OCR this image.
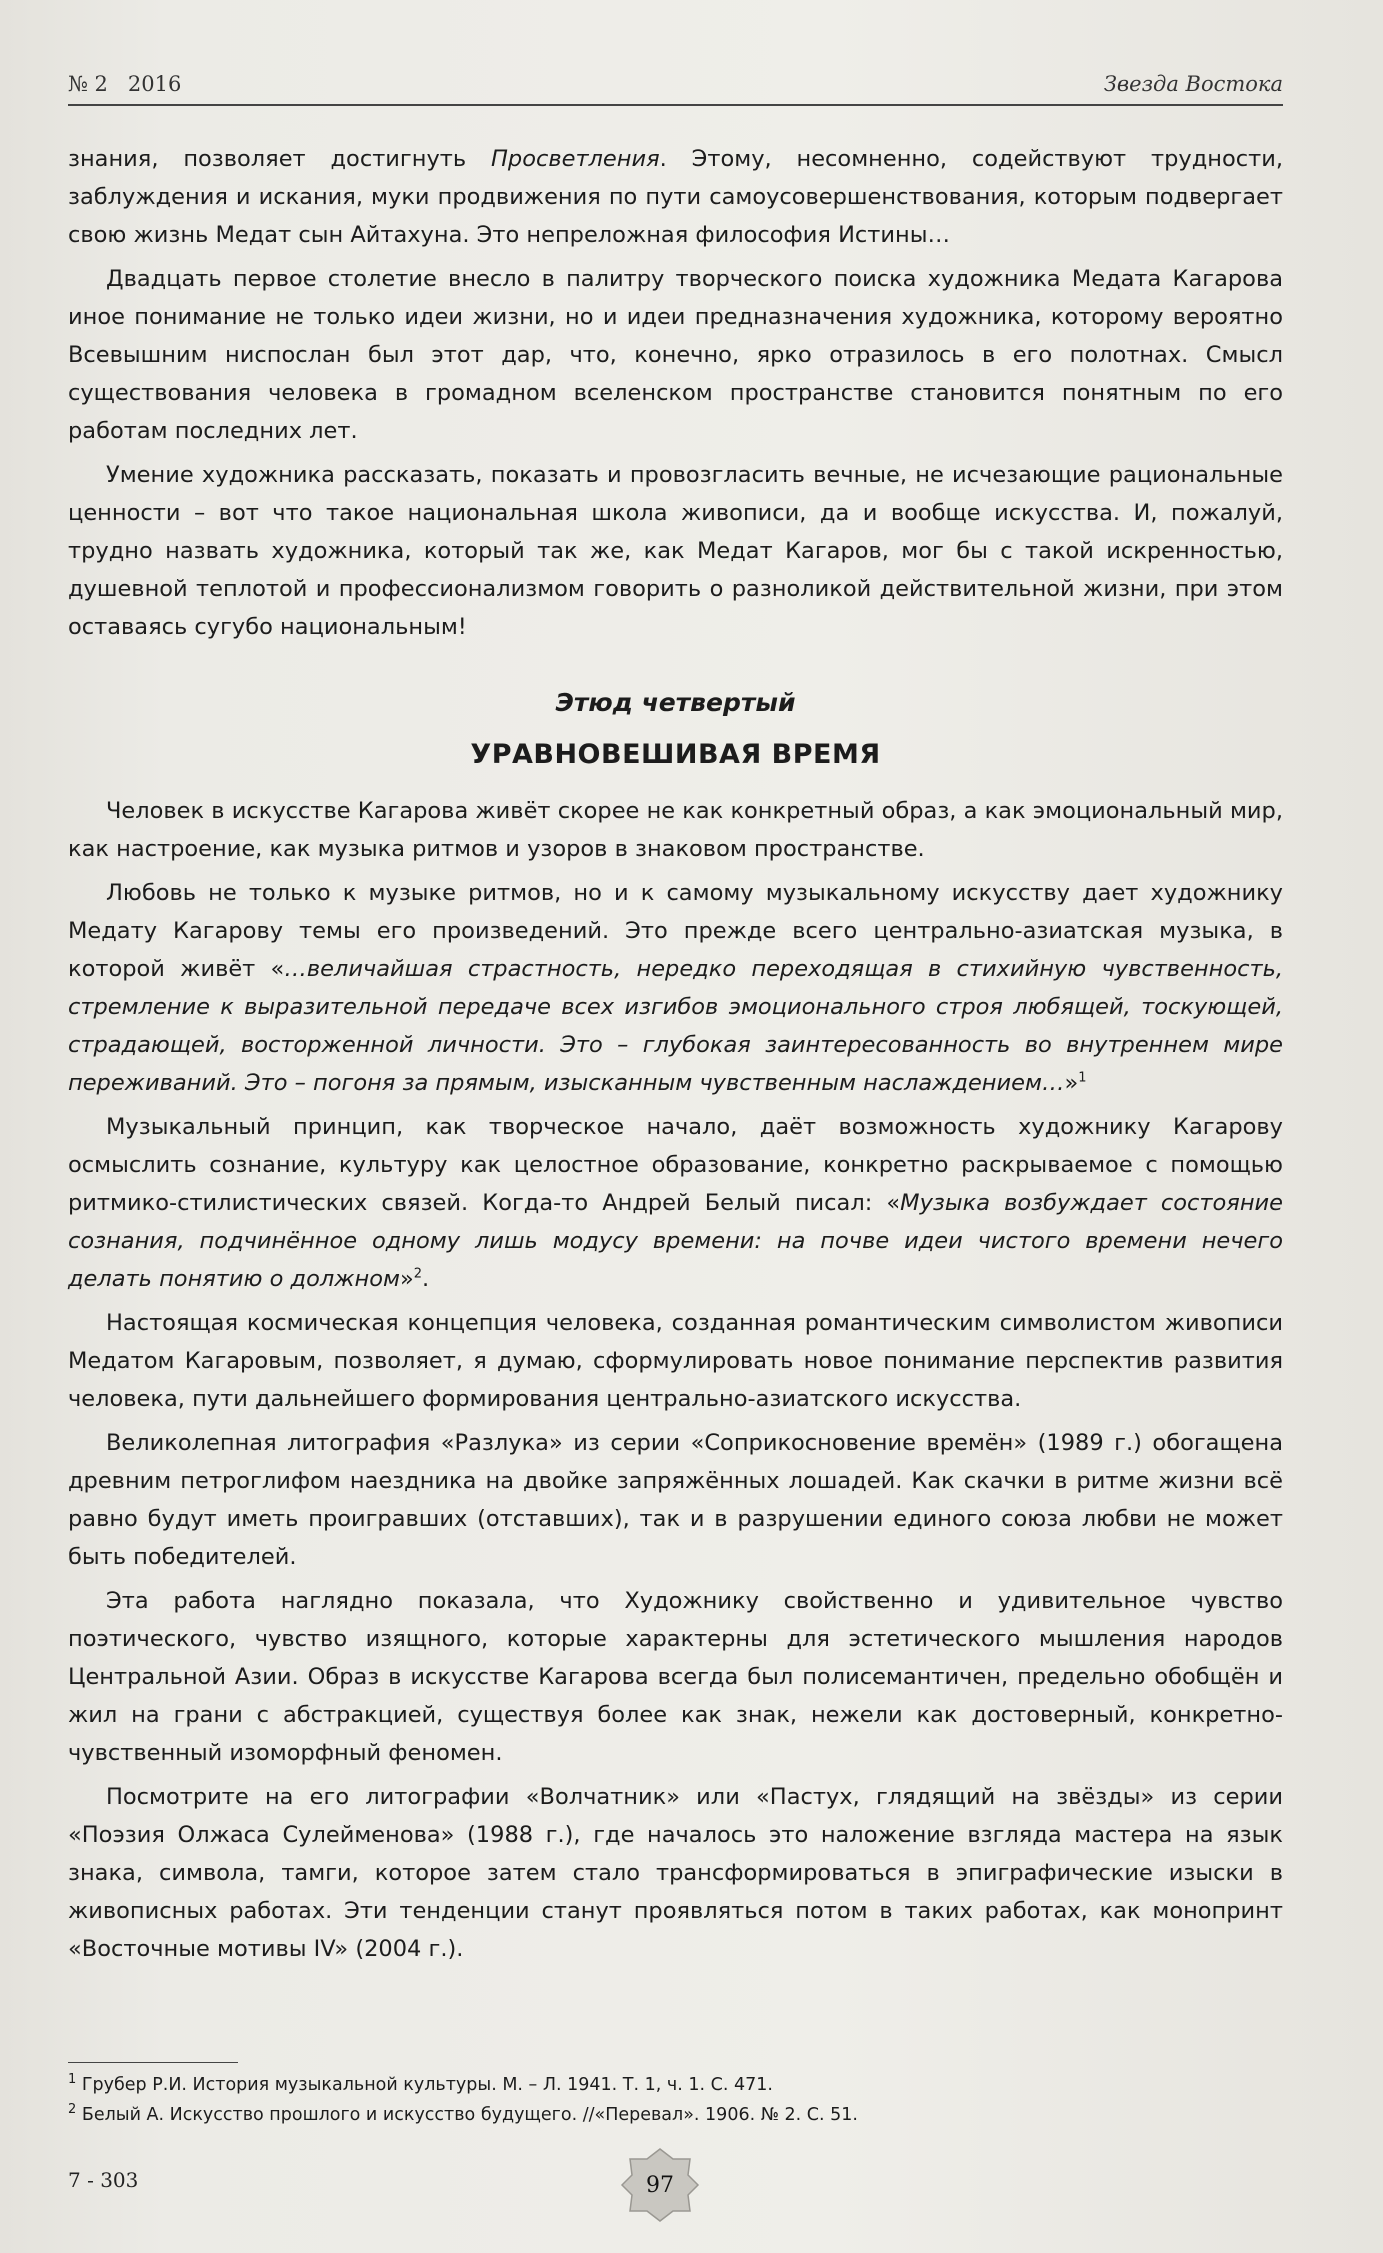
№ 2   2016	Звезда Востока

знания, позволяет достигнуть Просветления. Этому, несомненно, содействуют трудности, заблуждения и искания, муки продвижения по пути самоусовершенствования, которым подвергает свою жизнь Медат сын Айтахуна. Это непреложная философия Истины…

Двадцать первое столетие внесло в палитру творческого поиска художника Медата Кагарова иное понимание не только идеи жизни, но и идеи предназначения художника, которому вероятно Всевышним ниспослан был этот дар, что, конечно, ярко отразилось в его полотнах. Смысл существования человека в громадном вселенском пространстве становится понятным по его работам последних лет.

Умение художника рассказать, показать и провозгласить вечные, не исчезающие рациональные ценности – вот что такое национальная школа живописи, да и вообще искусства. И, пожалуй, трудно назвать художника, который так же, как Медат Кагаров, мог бы с такой искренностью, душевной теплотой и профессионализмом говорить о разноликой действительной жизни, при этом оставаясь сугубо национальным!

Этюд четвертый
УРАВНОВЕШИВАЯ ВРЕМЯ

Человек в искусстве Кагарова живёт скорее не как конкретный образ, а как эмоциональный мир, как настроение, как музыка ритмов и узоров в знаковом пространстве.

Любовь не только к музыке ритмов, но и к самому музыкальному искусству дает художнику Медату Кагарову темы его произведений. Это прежде всего центрально-азиатская музыка, в которой живёт «…величайшая страстность, нередко переходящая в стихийную чувственность, стремление к выразительной передаче всех изгибов эмоционального строя любящей, тоскующей, страдающей, восторженной личности. Это – глубокая заинтересованность во внутреннем мире переживаний. Это – погоня за прямым, изысканным чувственным наслаждением…»$^1$

Музыкальный принцип, как творческое начало, даёт возможность художнику Кагарову осмыслить сознание, культуру как целостное образование, конкретно раскрываемое с помощью ритмико-стилистических связей. Когда-то Андрей Белый писал: «Музыка возбуждает состояние сознания, подчинённое одному лишь модусу времени: на почве идеи чистого времени нечего делать понятию о должном»$^2$.

Настоящая космическая концепция человека, созданная романтическим символистом живописи Медатом Кагаровым, позволяет, я думаю, сформулировать новое понимание перспектив развития человека, пути дальнейшего формирования центрально-азиатского искусства.

Великолепная литография «Разлука» из серии «Соприкосновение времён» (1989 г.) обогащена древним петроглифом наездника на двойке запряжённых лошадей. Как скачки в ритме жизни всё равно будут иметь проигравших (отставших), так и в разрушении единого союза любви не может быть победителей.

Эта работа наглядно показала, что Художнику свойственно и удивительное чувство поэтического, чувство изящного, которые характерны для эстетического мышления народов Центральной Азии. Образ в искусстве Кагарова всегда был полисемантичен, предельно обобщён и жил на грани с абстракцией, существуя более как знак, нежели как достоверный, конкретно-чувственный изоморфный феномен.

Посмотрите на его литографии «Волчатник» или «Пастух, глядящий на звёзды» из серии «Поэзия Олжаса Сулейменова» (1988 г.), где началось это наложение взгляда мастера на язык знака, символа, тамги, которое затем стало трансформироваться в эпиграфические изыски в живописных работах. Эти тенденции станут проявляться потом в таких работах, как монопринт «Восточные мотивы IV» (2004 г.).

$^1$ Грубер Р.И. История музыкальной культуры. М. – Л. 1941. Т. 1, ч. 1. С. 471.
$^2$ Белый А. Искусство прошлого и искусство будущего. //«Перевал». 1906. № 2. С. 51.
7 - 303	97
